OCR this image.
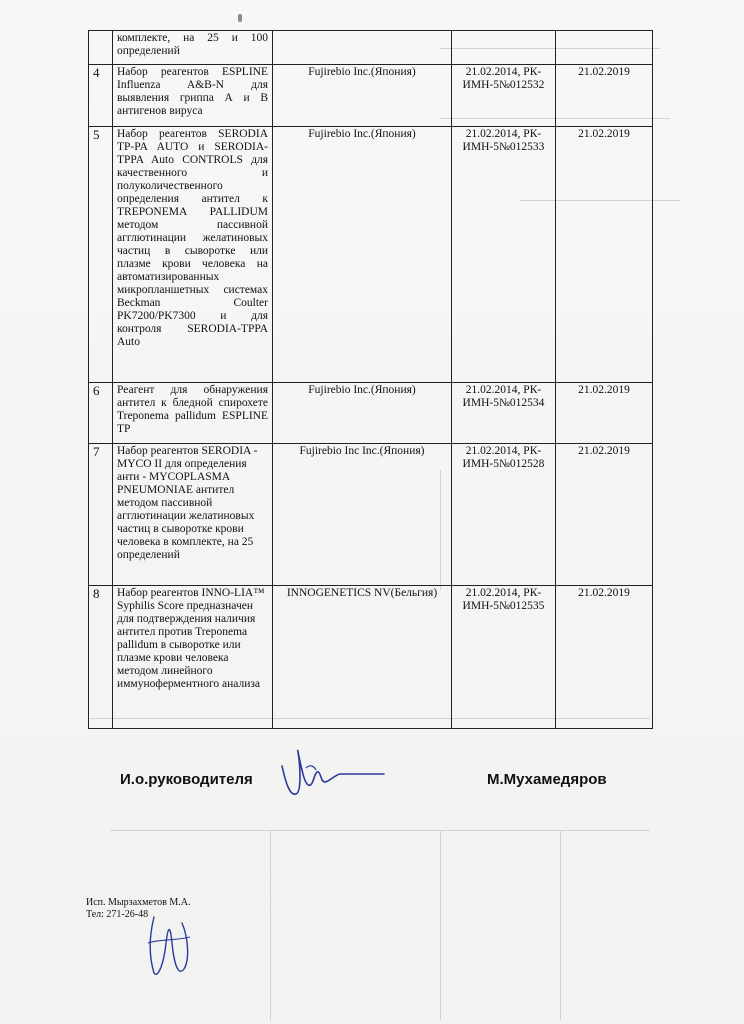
	комплекте, на 25 и 100 определений			
4	Набор реагентов ESPLINE Influenza A&B-N для выявления гриппа А и В антигенов вируса	Fujirebio Inc.(Япония)	21.02.2014, РК-ИМН-5№012532	21.02.2019
5	Набор реагентов SERODIA TP-PA AUTO и SERODIA-TPPA Auto CONTROLS для качественного и полуколичественного определения антител к TREPONEMA PALLIDUM методом пассивной агглютинации желатиновых частиц в сыворотке или плазме крови человека на автоматизированных микропланшетных системах Beckman Coulter PK7200/PK7300 и для контроля SERODIA-TPPA Auto	Fujirebio Inc.(Япония)	21.02.2014, РК-ИМН-5№012533	21.02.2019
6	Реагент для обнаружения антител к бледной спирохете Treponema pallidum ESPLINE TP	Fujirebio Inc.(Япония)	21.02.2014, РК-ИМН-5№012534	21.02.2019
7	Набор реагентов SERODIA - MYCO II для определения анти - MYCOPLASMA PNEUMONIAE антител методом пассивной агглютинации желатиновых частиц в сыворотке крови человека в комплекте, на 25 определений	Fujirebio Inc Inc.(Япония)	21.02.2014, РК-ИМН-5№012528	21.02.2019
8	Набор реагентов INNO-LIA™ Syphilis Score предназначен для подтверждения наличия антител против Treponema pallidum в сыворотке или плазме крови человека методом линейного иммуноферментного анализа	INNOGENETICS NV(Бельгия)	21.02.2014, РК-ИМН-5№012535	21.02.2019
И.о.руководителя	М.Мухамедяров
Исп. Мырзахметов М.А.
Тел: 271-26-48
